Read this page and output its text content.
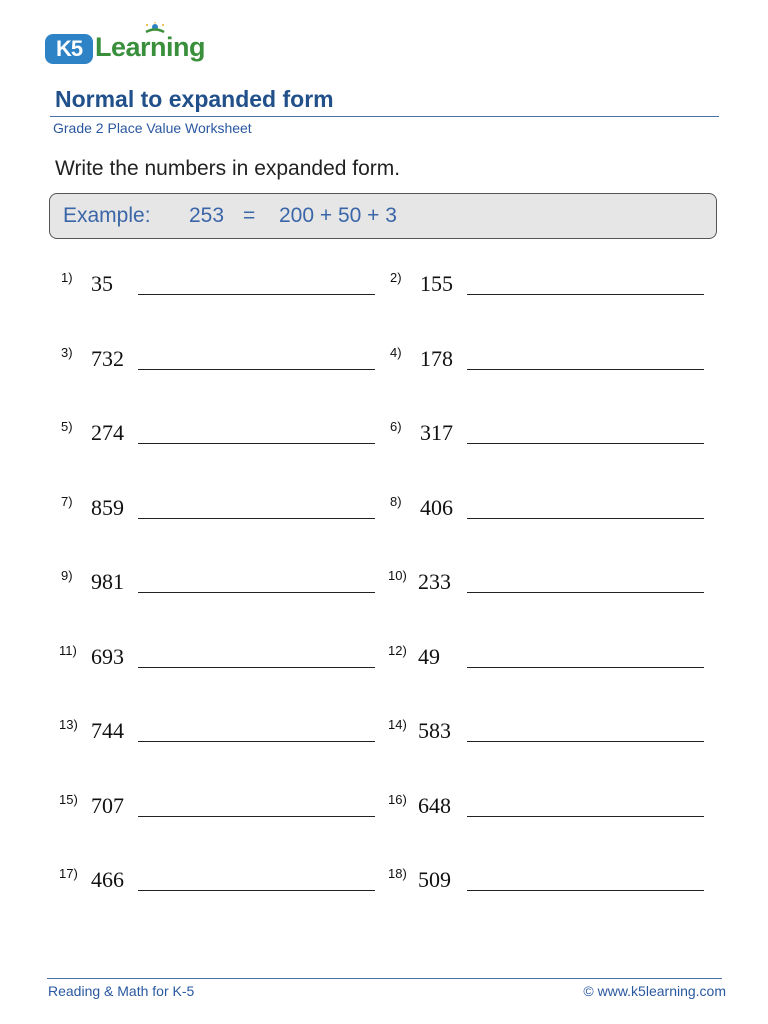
K5 Learning
Normal to expanded form
Grade 2 Place Value Worksheet
Write the numbers in expanded form.
Example: 253 = 200 + 50 + 3
1) 35	2) 155
3) 732	4) 178
5) 274	6) 317
7) 859	8) 406
9) 981	10) 233
11) 693	12) 49
13) 744	14) 583
15) 707	16) 648
17) 466	18) 509
Reading & Math for K-5	© www.k5learning.com
